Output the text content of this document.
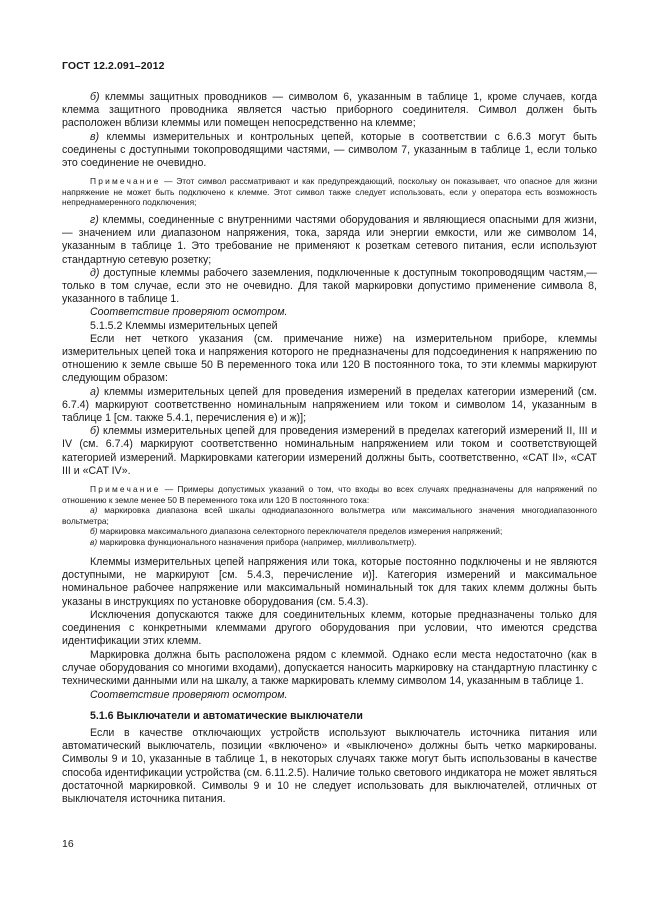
ГОСТ 12.2.091–2012

б) клеммы защитных проводников — символом 6, указанным в таблице 1, кроме случаев, когда клемма защитного проводника является частью приборного соединителя. Символ должен быть расположен вблизи клеммы или помещен непосредственно на клемме;

в) клеммы измерительных и контрольных цепей, которые в соответствии с 6.6.3 могут быть соединены с доступными токопроводящими частями, — символом 7, указанным в таблице 1, если только это соединение не очевидно.

Примечание — Этот символ рассматривают и как предупреждающий, поскольку он показывает, что опасное для жизни напряжение не может быть подключено к клемме. Этот символ также следует использовать, если у оператора есть возможность непреднамеренного подключения;

г) клеммы, соединенные с внутренними частями оборудования и являющиеся опасными для жизни, — значением или диапазоном напряжения, тока, заряда или энергии емкости, или же символом 14, указанным в таблице 1. Это требование не применяют к розеткам сетевого питания, если используют стандартную сетевую розетку;

д) доступные клеммы рабочего заземления, подключенные к доступным токопроводящим частям,— только в том случае, если это не очевидно. Для такой маркировки допустимо применение символа 8, указанного в таблице 1.

Соответствие проверяют осмотром.

5.1.5.2 Клеммы измерительных цепей

Если нет четкого указания (см. примечание ниже) на измерительном приборе, клеммы измерительных цепей тока и напряжения которого не предназначены для подсоединения к напряжению по отношению к земле свыше 50 В переменного тока или 120 В постоянного тока, то эти клеммы маркируют следующим образом:

а) клеммы измерительных цепей для проведения измерений в пределах категории измерений (см. 6.7.4) маркируют соответственно номинальным напряжением или током и символом 14, указанным в таблице 1 [см. также 5.4.1, перечисления е) и ж)];

б) клеммы измерительных цепей для проведения измерений в пределах категорий измерений II, III и IV (см. 6.7.4) маркируют соответственно номинальным напряжением или током и соответствующей категорией измерений. Маркировками категории измерений должны быть, соответственно, «CAT II», «CAT III и «CAT IV».

Примечание — Примеры допустимых указаний о том, что входы во всех случаях предназначены для напряжений по отношению к земле менее 50 В переменного тока или 120 В постоянного тока:

а) маркировка диапазона всей шкалы однодиапазонного вольтметра или максимального значения многодиапазонного вольтметра;

б) маркировка максимального диапазона селекторного переключателя пределов измерения напряжений;

в) маркировка функционального назначения прибора (например, милливольтметр).

Клеммы измерительных цепей напряжения или тока, которые постоянно подключены и не являются доступными, не маркируют [см. 5.4.3, перечисление и)]. Категория измерений и максимальное номинальное рабочее напряжение или максимальный номинальный ток для таких клемм должны быть указаны в инструкциях по установке оборудования (см. 5.4.3).

Исключения допускаются также для соединительных клемм, которые предназначены только для соединения с конкретными клеммами другого оборудования при условии, что имеются средства идентификации этих клемм.

Маркировка должна быть расположена рядом с клеммой. Однако если места недостаточно (как в случае оборудования со многими входами), допускается наносить маркировку на стандартную пластинку с техническими данными или на шкалу, а также маркировать клемму символом 14, указанным в таблице 1.

Соответствие проверяют осмотром.

5.1.6 Выключатели и автоматические выключатели

Если в качестве отключающих устройств используют выключатель источника питания или автоматический выключатель, позиции «включено» и «выключено» должны быть четко маркированы. Символы 9 и 10, указанные в таблице 1, в некоторых случаях также могут быть использованы в качестве способа идентификации устройства (см. 6.11.2.5). Наличие только светового индикатора не может являться достаточной маркировкой. Символы 9 и 10 не следует использовать для выключателей, отличных от выключателя источника питания.

16
